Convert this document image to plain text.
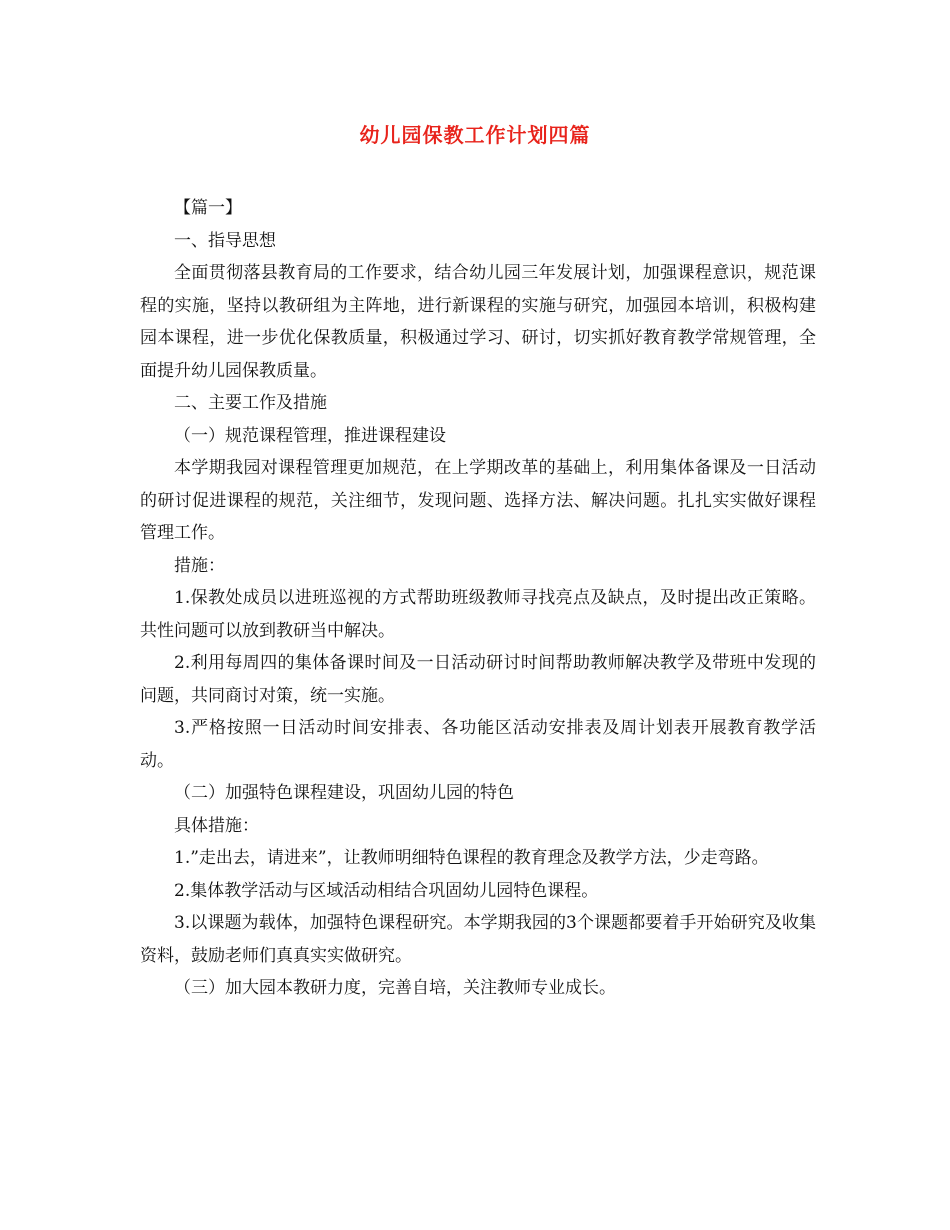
幼儿园保教工作计划四篇

【篇一】

一、指导思想

全面贯彻落县教育局的工作要求，结合幼儿园三年发展计划，加强课程意识，规范课程的实施，坚持以教研组为主阵地，进行新课程的实施与研究，加强园本培训，积极构建园本课程，进一步优化保教质量，积极通过学习、研讨，切实抓好教育教学常规管理，全面提升幼儿园保教质量。

二、主要工作及措施

（一）规范课程管理，推进课程建设

本学期我园对课程管理更加规范，在上学期改革的基础上，利用集体备课及一日活动的研讨促进课程的规范，关注细节，发现问题、选择方法、解决问题。扎扎实实做好课程管理工作。

措施：

1.保教处成员以进班巡视的方式帮助班级教师寻找亮点及缺点，及时提出改正策略。共性问题可以放到教研当中解决。

2.利用每周四的集体备课时间及一日活动研讨时间帮助教师解决教学及带班中发现的问题，共同商讨对策，统一实施。

3.严格按照一日活动时间安排表、各功能区活动安排表及周计划表开展教育教学活动。

（二）加强特色课程建设，巩固幼儿园的特色

具体措施：

1.”走出去，请进来”，让教师明细特色课程的教育理念及教学方法，少走弯路。

2.集体教学活动与区域活动相结合巩固幼儿园特色课程。

3.以课题为载体，加强特色课程研究。本学期我园的3个课题都要着手开始研究及收集资料，鼓励老师们真真实实做研究。

（三）加大园本教研力度，完善自培，关注教师专业成长。
